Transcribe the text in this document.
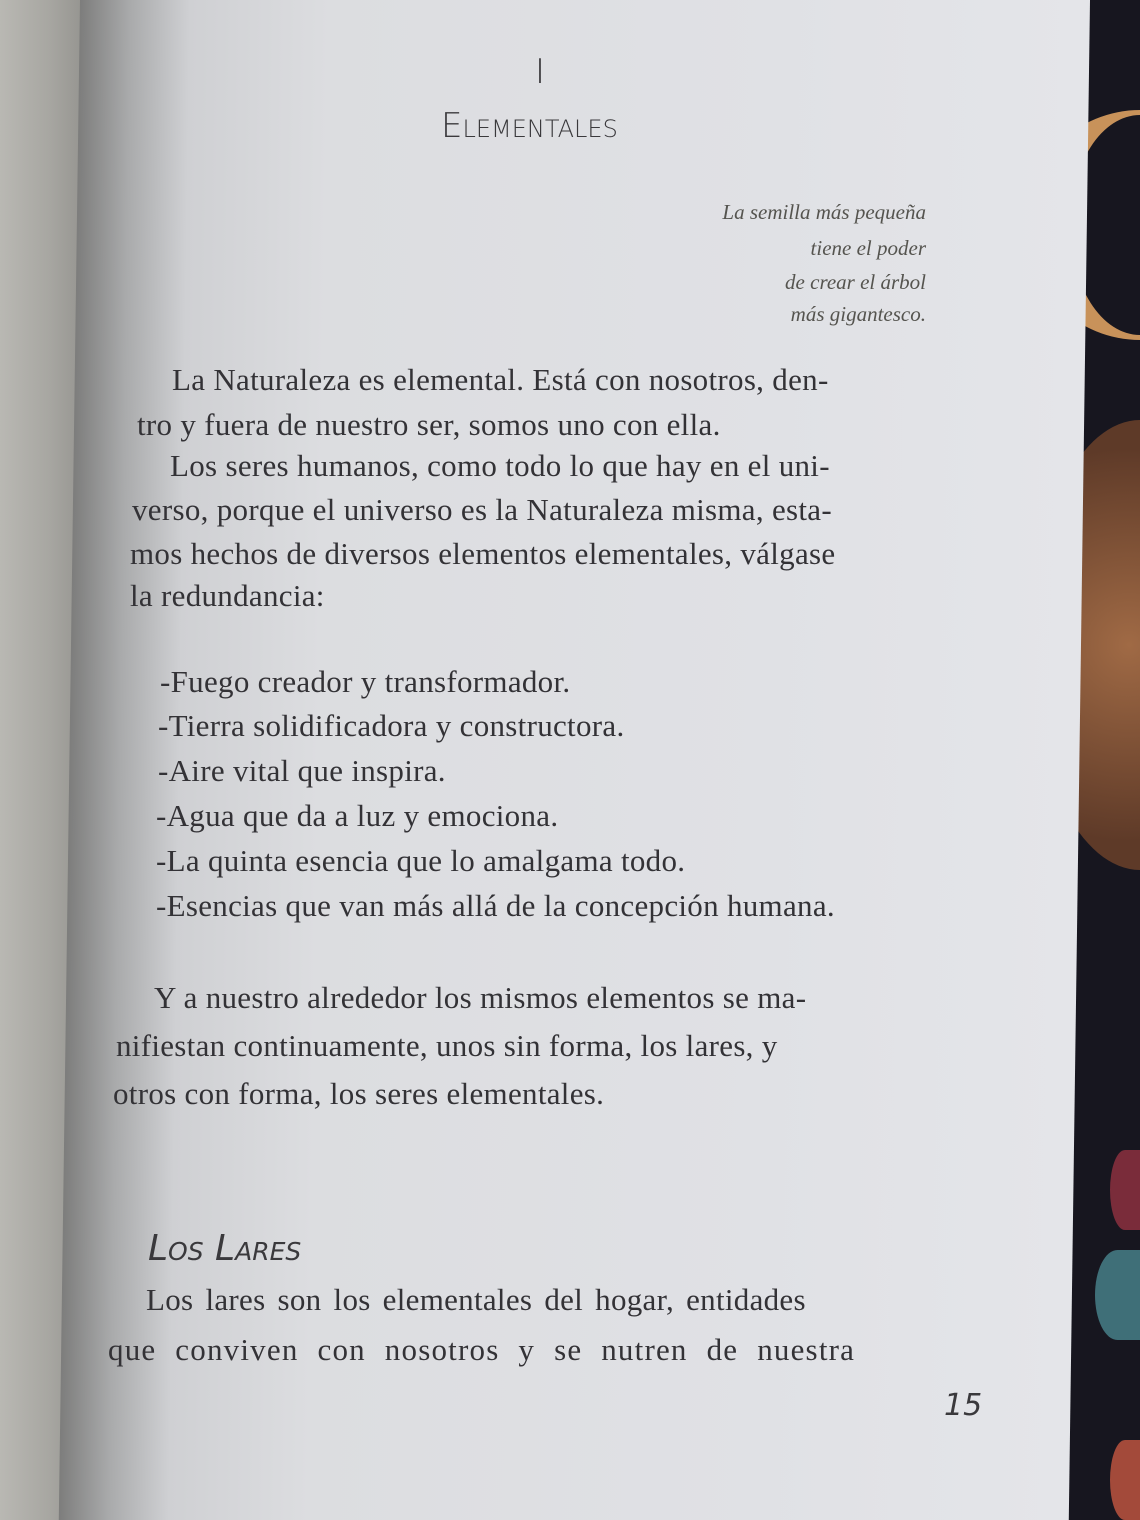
I
Elementales
La semilla más pequeña
tiene el poder
de crear el árbol
más gigantesco.
La Naturaleza es elemental. Está con nosotros, den-
tro y fuera de nuestro ser, somos uno con ella.
Los seres humanos, como todo lo que hay en el uni-
verso, porque el universo es la Naturaleza misma, esta-
mos hechos de diversos elementos elementales, válgase
la redundancia:
-Fuego creador y transformador.
-Tierra solidificadora y constructora.
-Aire vital que inspira.
-Agua que da a luz y emociona.
-La quinta esencia que lo amalgama todo.
-Esencias que van más allá de la concepción humana.
Y a nuestro alrededor los mismos elementos se ma-
nifiestan continuamente, unos sin forma, los lares, y
otros con forma, los seres elementales.
Los Lares
Los lares son los elementales del hogar, entidades
que conviven con nosotros y se nutren de nuestra
15
